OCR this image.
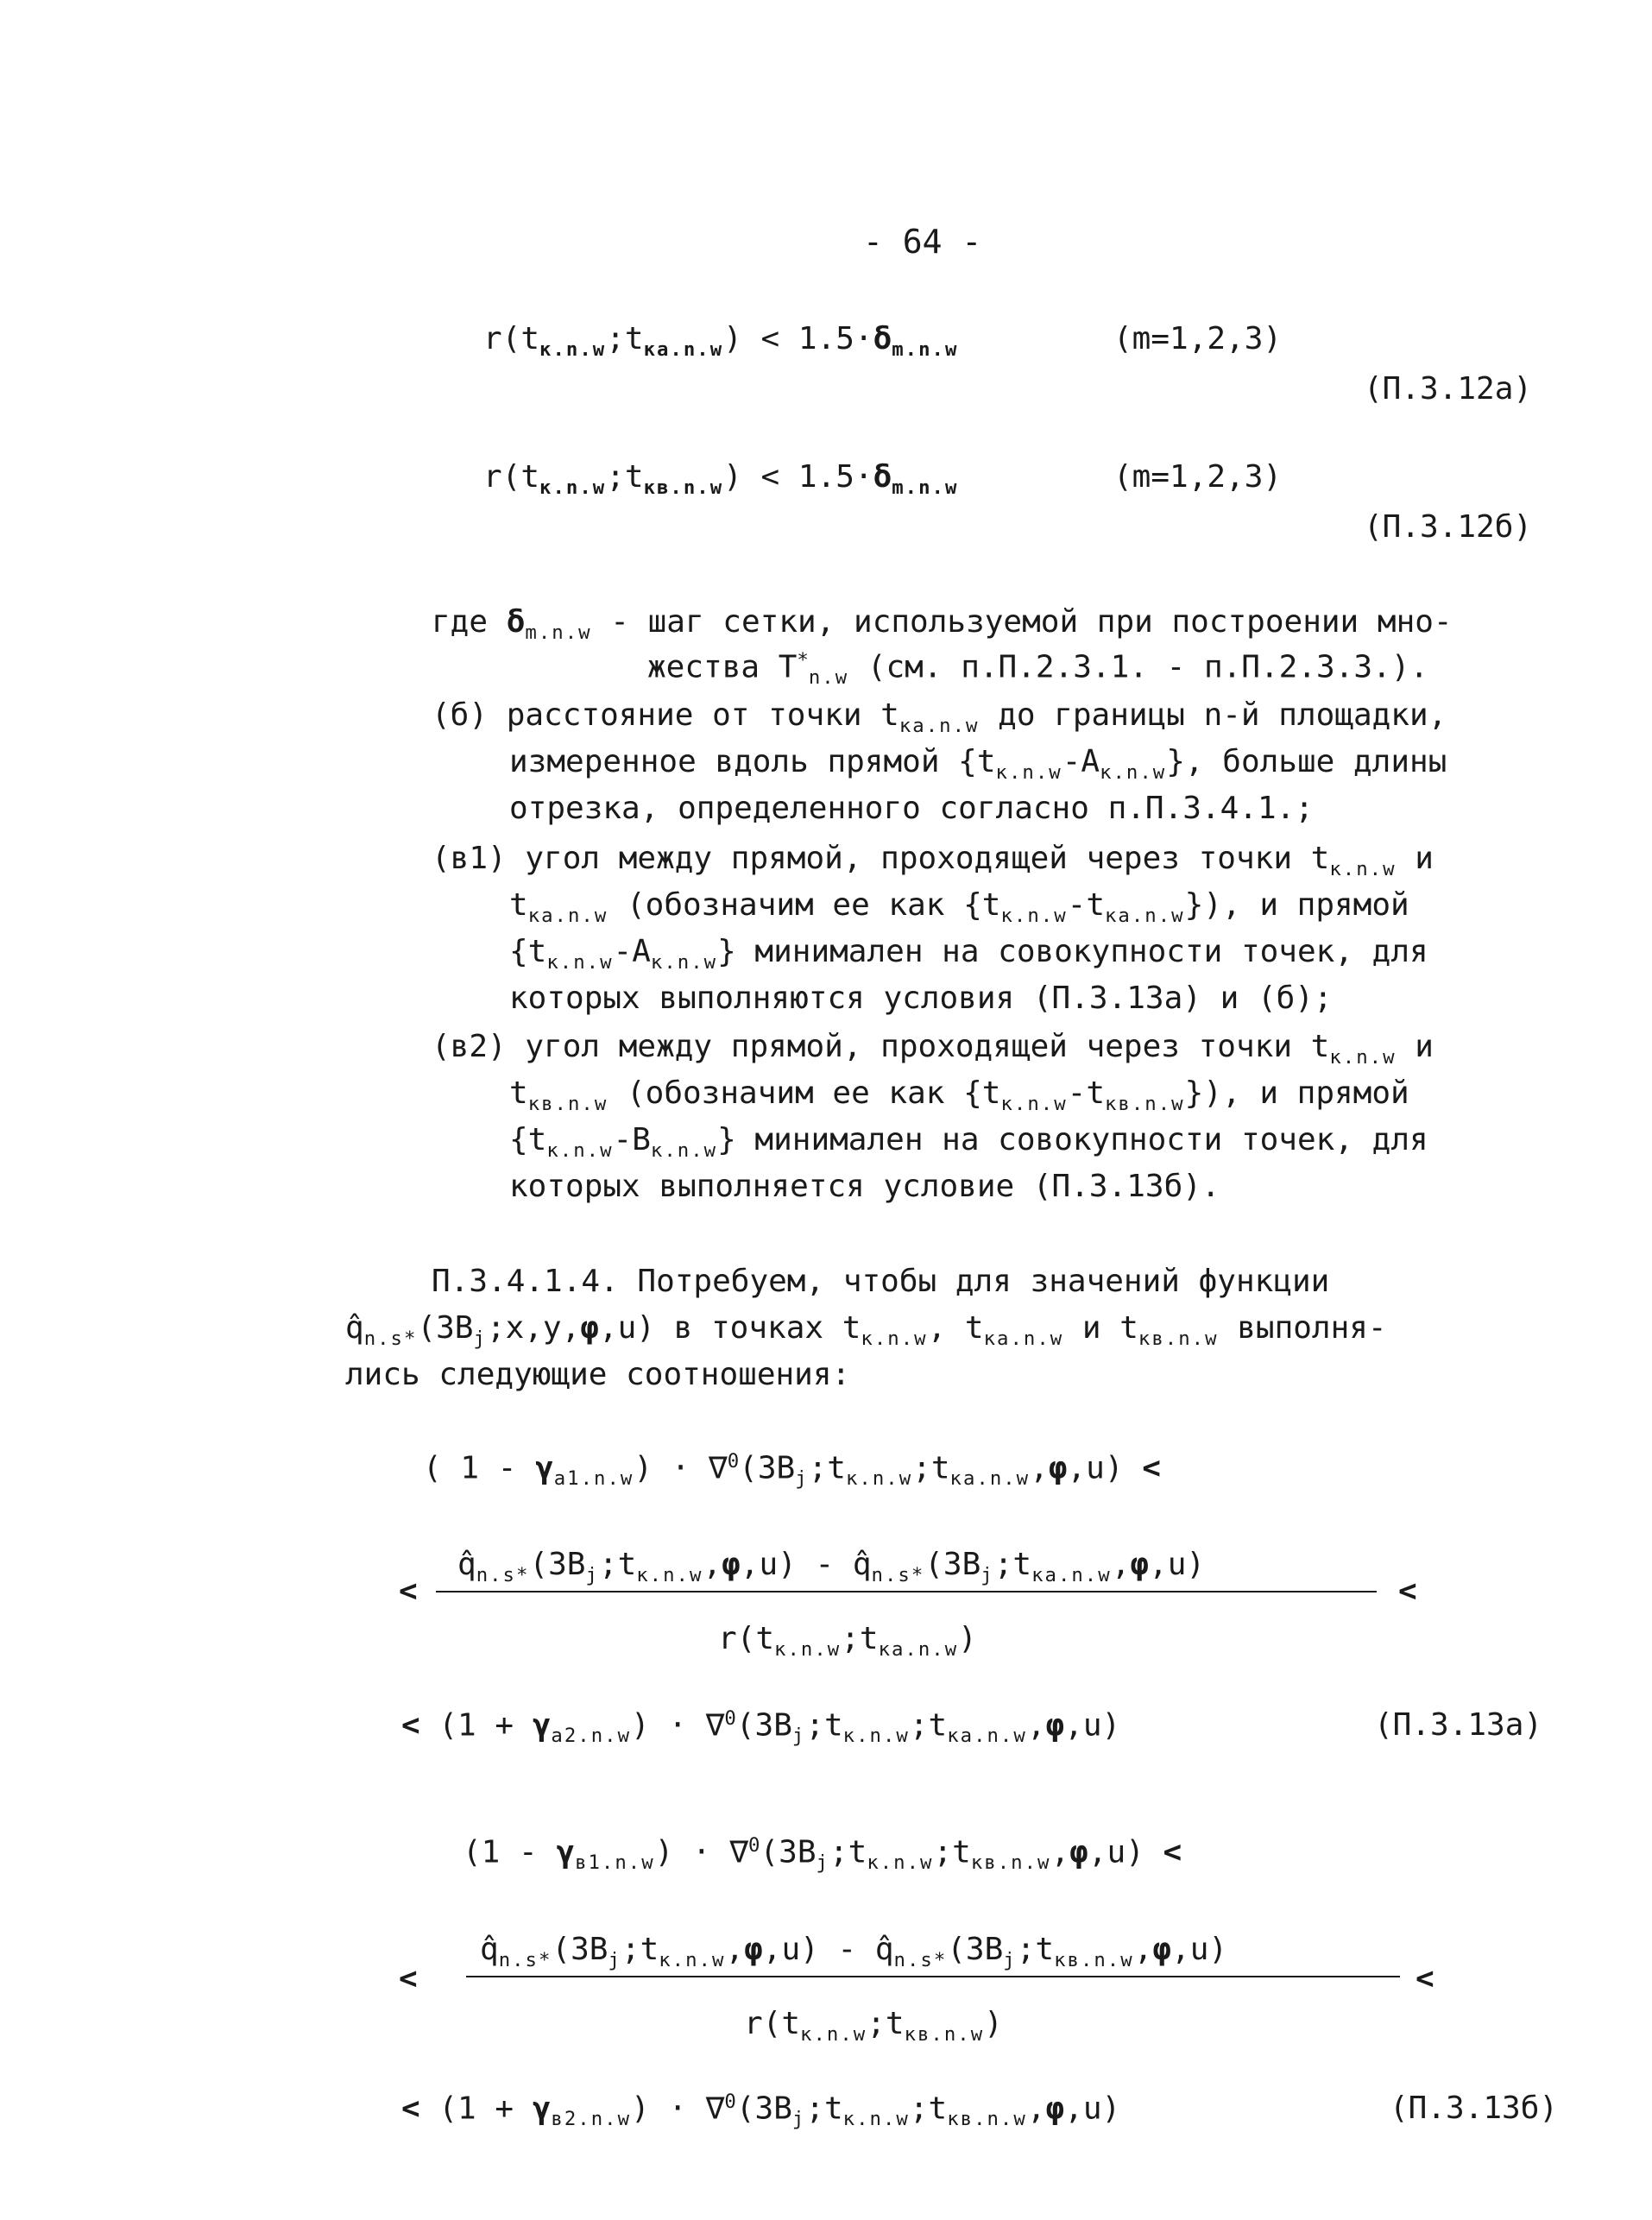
- 64 -
$r(t_{к.n.w};t_{ка.n.w}) < 1.5\cdot\delta_{m.n.w}$	(m=1,2,3)
(П.3.12а)
$r(t_{к.n.w};t_{кв.n.w}) < 1.5\cdot\delta_{m.n.w}$	(m=1,2,3)
(П.3.12б)
где $\delta_{m.n.w}$ - шаг сетки, используемой при построении мно-
жества $T^*_{n.w}$ (см. п.П.2.3.1. - п.П.2.3.3.).
(б) расстояние от точки $t_{ка.n.w}$ до границы n-й площадки,
измеренное вдоль прямой $\{t_{к.n.w}-A_{к.n.w}\}$, больше длины
отрезка, определенного согласно п.П.3.4.1.;
(в1) угол между прямой, проходящей через точки $t_{к.n.w}$ и
$t_{ка.n.w}$ (обозначим ее как $\{t_{к.n.w}-t_{ка.n.w}\}$), и прямой
$\{t_{к.n.w}-A_{к.n.w}\}$ минимален на совокупности точек, для
которых выполняются условия (П.3.13а) и (б);
(в2) угол между прямой, проходящей через точки $t_{к.n.w}$ и
$t_{кв.n.w}$ (обозначим ее как $\{t_{к.n.w}-t_{кв.n.w}\}$), и прямой
$\{t_{к.n.w}-B_{к.n.w}\}$ минимален на совокупности точек, для
которых выполняется условие (П.3.13б).
П.3.4.1.4. Потребуем, чтобы для значений функции
$q̂_{n.s*}(3B_j;x,y,\varphi,u)$ в точках $t_{к.n.w}$, $t_{ка.n.w}$ и $t_{кв.n.w}$ выполня-
лись следующие соотношения:
( $1 - \gamma_{a1.n.w}$) · $\nabla^0(3B_j;t_{к.n.w};t_{ка.n.w},\varphi,u)$ <
<
$q̂_{n.s*}(3B_j;t_{к.n.w},\varphi,u)$ - $q̂_{n.s*}(3B_j;t_{ка.n.w},\varphi,u)$
$r(t_{к.n.w};t_{ка.n.w})$
<
< $(1 + \gamma_{a2.n.w})$ · $\nabla^0(3B_j;t_{к.n.w};t_{ка.n.w},\varphi,u)$	(П.3.13а)
$(1 - \gamma_{в1.n.w})$ · $\nabla^0(3B_j;t_{к.n.w};t_{кв.n.w},\varphi,u)$ <
<
$q̂_{n.s*}(3B_j;t_{к.n.w},\varphi,u)$ - $q̂_{n.s*}(3B_j;t_{кв.n.w},\varphi,u)$
$r(t_{к.n.w};t_{кв.n.w})$
<
< $(1 + \gamma_{в2.n.w})$ · $\nabla^0(3B_j;t_{к.n.w};t_{кв.n.w},\varphi,u)$	(П.3.13б)
